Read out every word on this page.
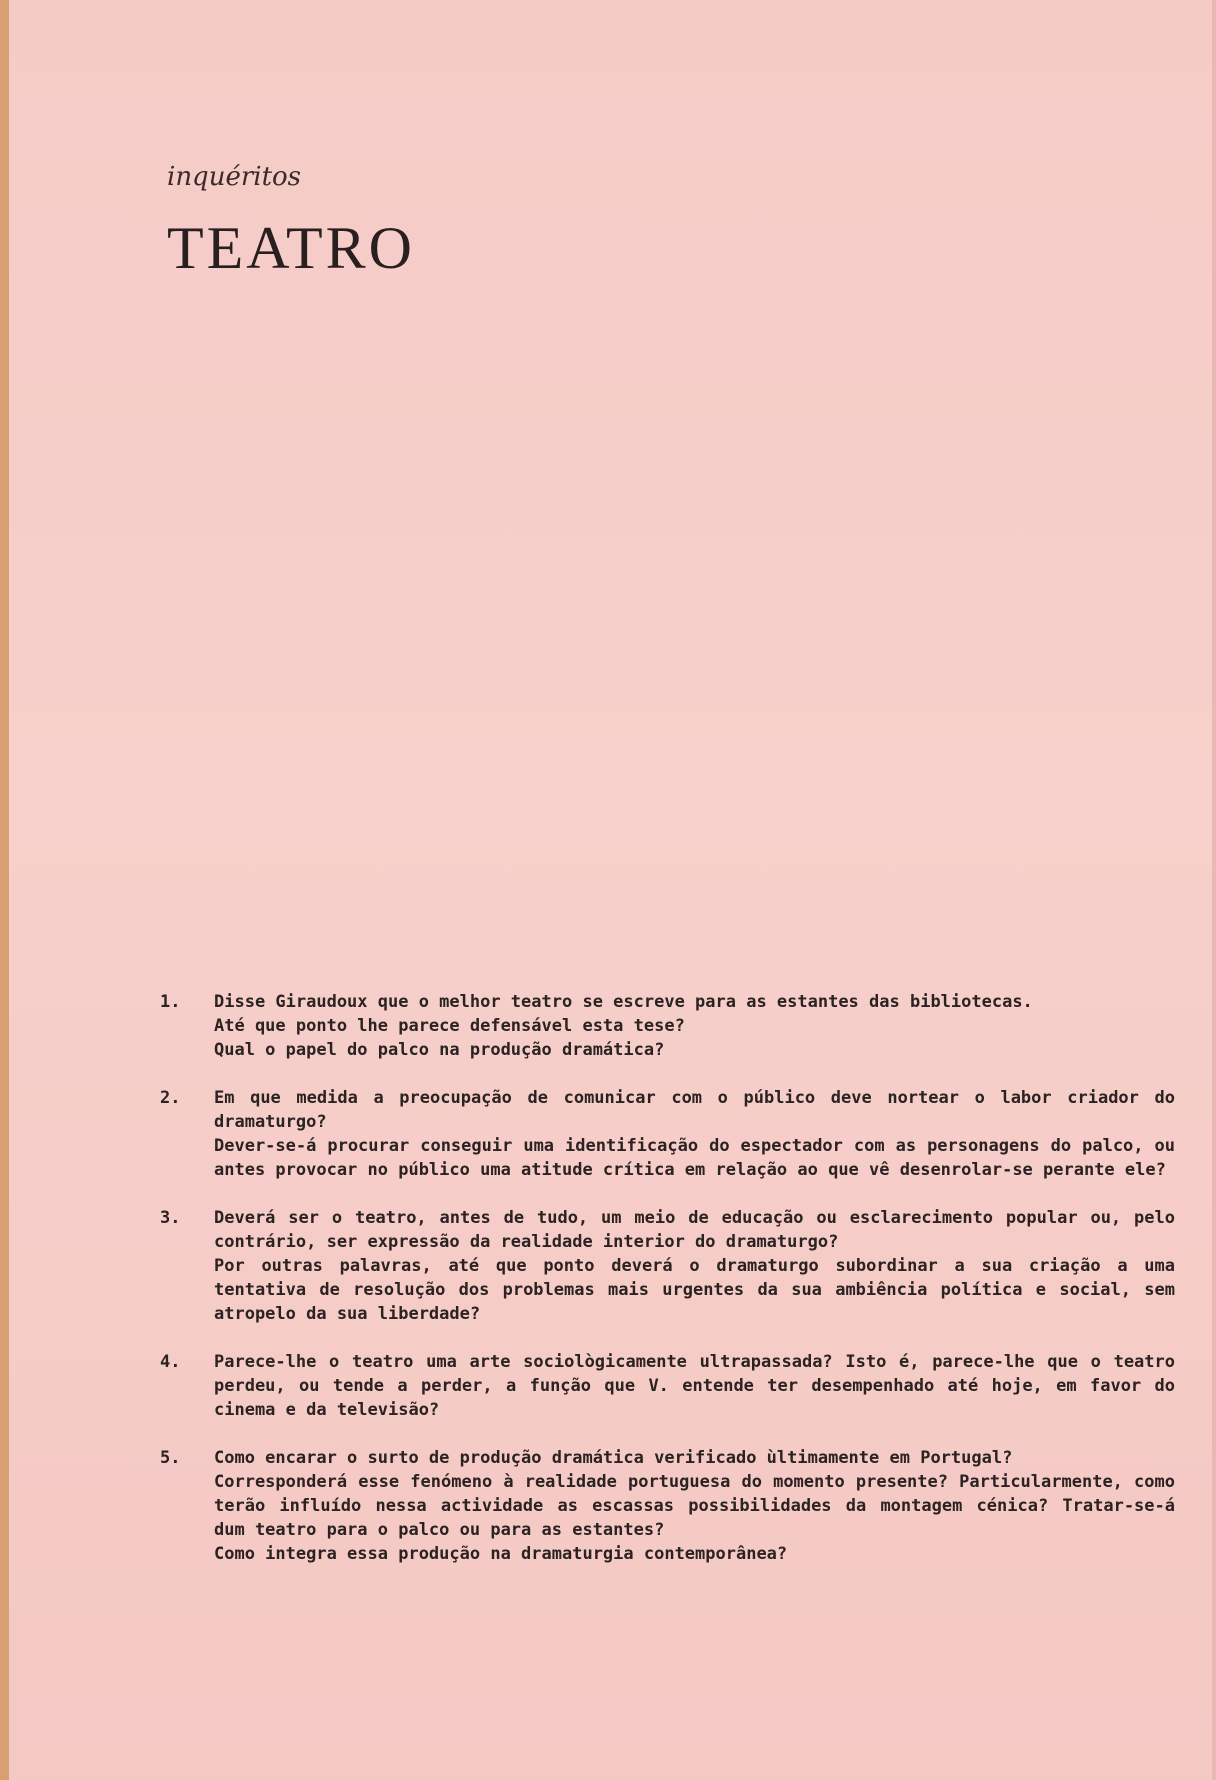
inquéritos

TEATRO
1.	Disse Giraudoux que o melhor teatro se escreve para as estantes das bibliotecas.
Até que ponto lhe parece defensável esta tese?
Qual o papel do palco na produção dramática?
2.	Em que medida a preocupação de comunicar com o público deve nortear o labor criador do dramaturgo?
Dever-se-á procurar conseguir uma identificação do espectador com as personagens do palco, ou antes provocar no público uma atitude crítica em relação ao que vê desenrolar-se perante ele?
3.	Deverá ser o teatro, antes de tudo, um meio de educação ou esclarecimento popular ou, pelo contrário, ser expressão da realidade interior do dramaturgo?
Por outras palavras, até que ponto deverá o dramaturgo subordinar a sua criação a uma tentativa de resolução dos problemas mais urgentes da sua ambiência política e social, sem atropelo da sua liberdade?
4.	Parece-lhe o teatro uma arte sociològicamente ultrapassada? Isto é, parece-lhe que o teatro perdeu, ou tende a perder, a função que V. entende ter desempenhado até hoje, em favor do cinema e da televisão?
5.	Como encarar o surto de produção dramática verificado ùltimamente em Portugal?
Corresponderá esse fenómeno à realidade portuguesa do momento presente? Particularmente, como terão influído nessa actividade as escassas possibilidades da montagem cénica? Tratar-se-á dum teatro para o palco ou para as estantes?
Como integra essa produção na dramaturgia contemporânea?
